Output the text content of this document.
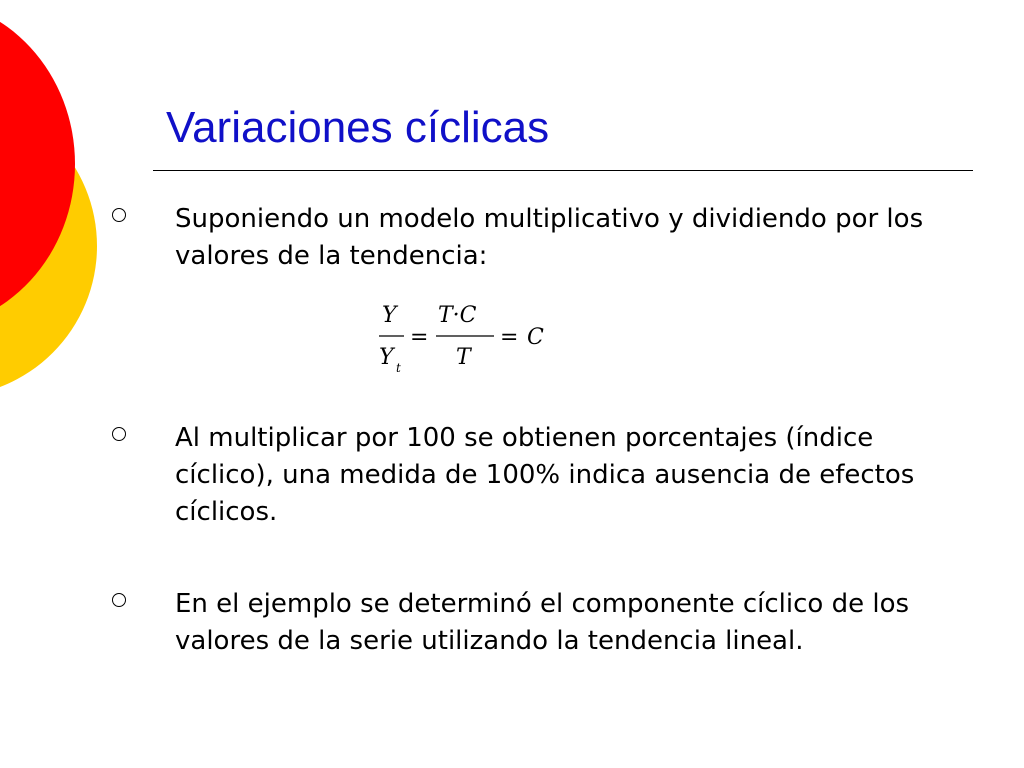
Variaciones cíclicas
Suponiendo un modelo multiplicativo y dividiendo por los valores de la tendencia:
Y
Y t
=
T·C
T
= C
Al multiplicar por 100 se obtienen porcentajes (índice cíclico), una medida de 100% indica ausencia de efectos cíclicos.
En el ejemplo se determinó el componente cíclico de los valores de la serie utilizando la tendencia lineal.
